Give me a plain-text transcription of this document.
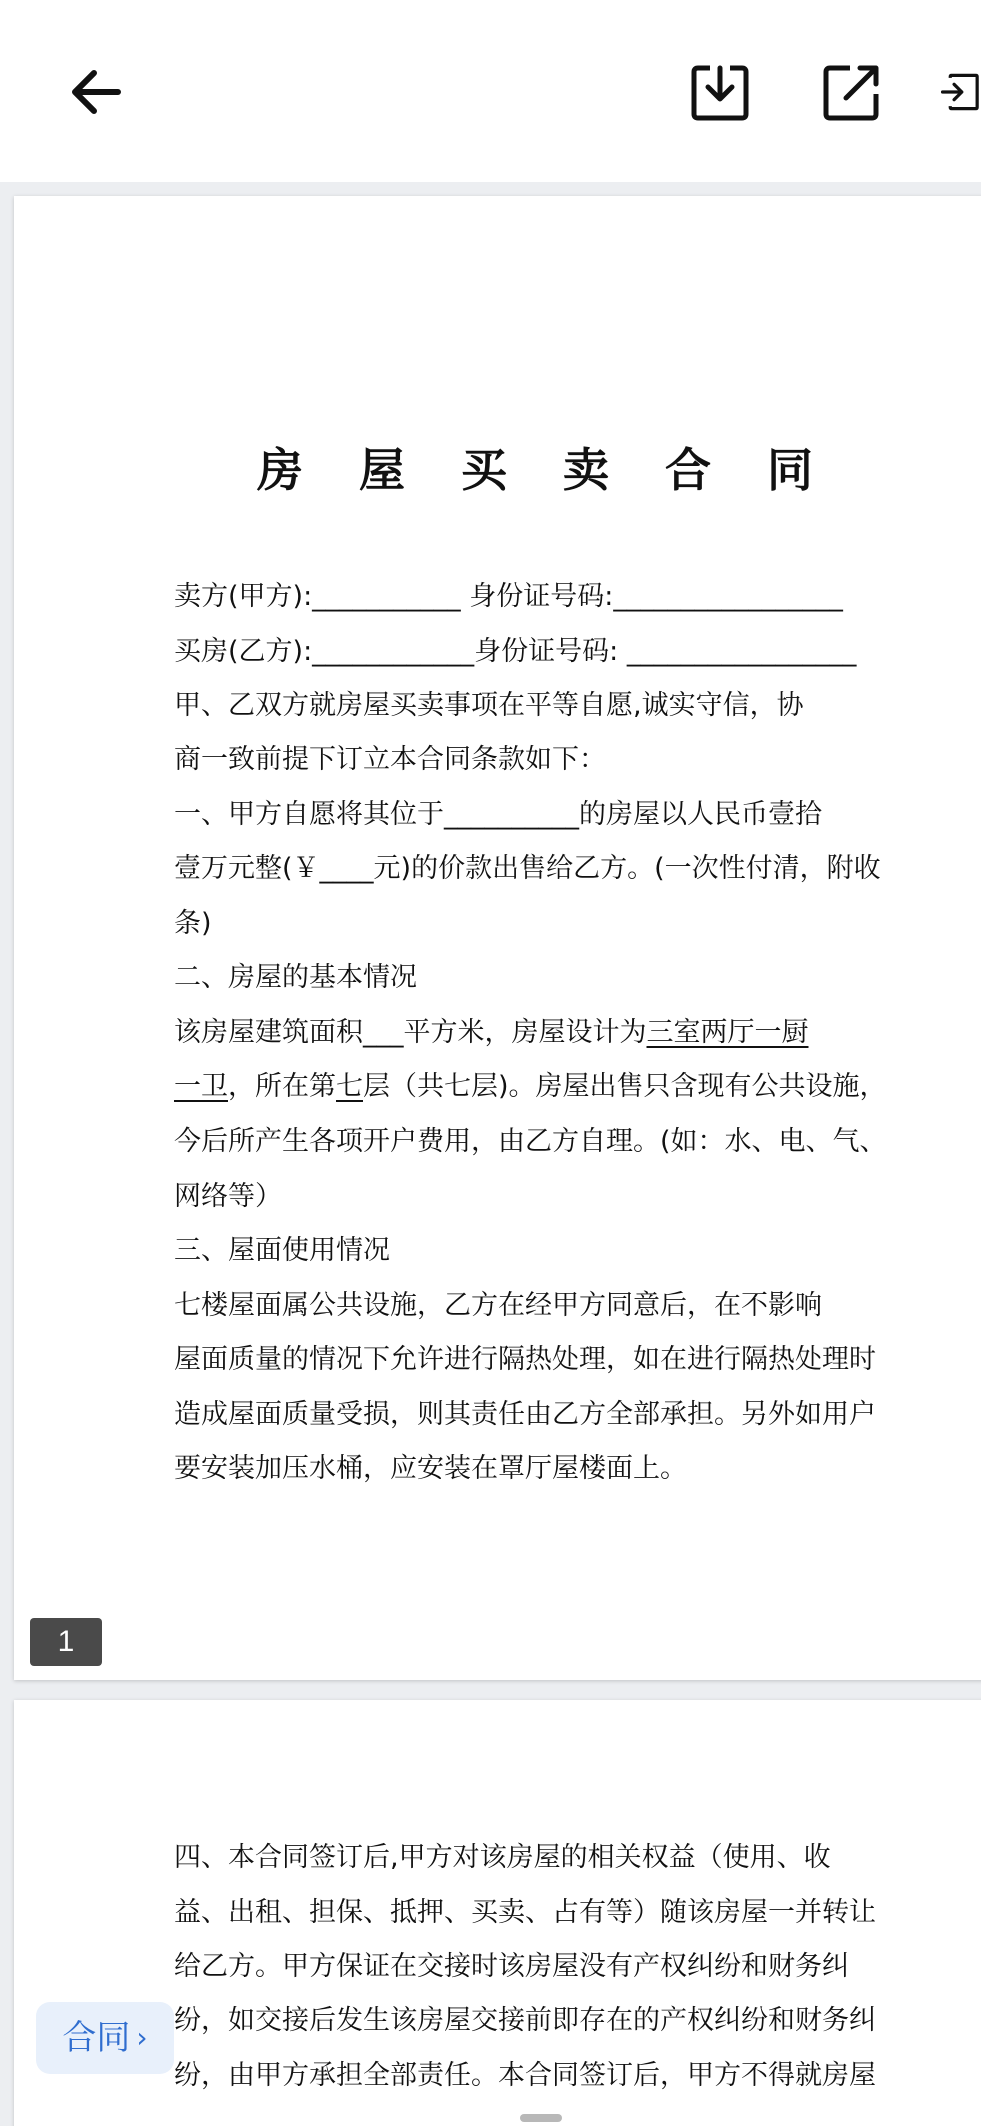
房 屋 买 卖 合 同
卖方(甲方):___________ 身份证号码:_________________
买房(乙方):____________身份证号码: _________________
甲、乙双方就房屋买卖事项在平等自愿,诚实守信，协
商一致前提下订立本合同条款如下：
一、甲方自愿将其位于__________的房屋以人民币壹拾
壹万元整(￥____元)的价款出售给乙方。(一次性付清，附收
条)
二、房屋的基本情况
该房屋建筑面积___平方米，房屋设计为三室两厅一厨
一卫，所在第七层（共七层)。房屋出售只含现有公共设施，
今后所产生各项开户费用，由乙方自理。(如：水、电、气、
网络等）
三、屋面使用情况
七楼屋面属公共设施，乙方在经甲方同意后，在不影响
屋面质量的情况下允许进行隔热处理，如在进行隔热处理时
造成屋面质量受损，则其责任由乙方全部承担。另外如用户
要安装加压水桶，应安装在罩厅屋楼面上。
1
四、本合同签订后,甲方对该房屋的相关权益（使用、收
益、出租、担保、抵押、买卖、占有等）随该房屋一并转让
给乙方。甲方保证在交接时该房屋没有产权纠纷和财务纠
纷，如交接后发生该房屋交接前即存在的产权纠纷和财务纠
纷，由甲方承担全部责任。本合同签订后，甲方不得就房屋
合同 ›
